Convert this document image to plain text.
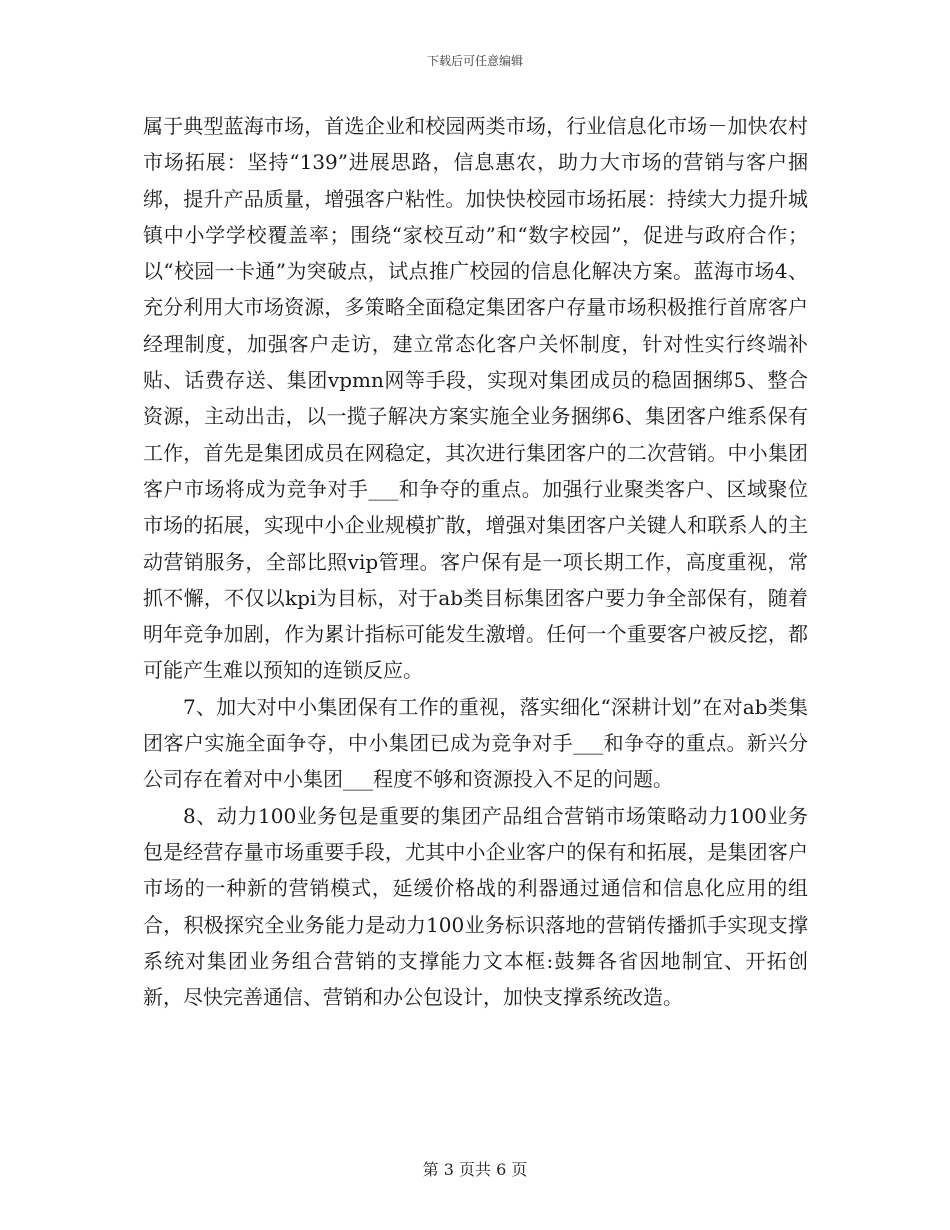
下载后可任意编辑

属于典型蓝海市场，首选企业和校园两类市场，行业信息化市场－加快农村市场拓展：坚持“139”进展思路，信息惠农，助力大市场的营销与客户捆绑，提升产品质量，增强客户粘性。加快快校园市场拓展：持续大力提升城镇中小学学校覆盖率；围绕“家校互动”和“数字校园”，促进与政府合作；以“校园一卡通”为突破点，试点推广校园的信息化解决方案。蓝海市场4、充分利用大市场资源，多策略全面稳定集团客户存量市场积极推行首席客户经理制度，加强客户走访，建立常态化客户关怀制度，针对性实行终端补贴、话费存送、集团vpmn网等手段，实现对集团成员的稳固捆绑5、整合资源，主动出击，以一揽子解决方案实施全业务捆绑6、集团客户维系保有工作，首先是集团成员在网稳定，其次进行集团客户的二次营销。中小集团客户市场将成为竞争对手___和争夺的重点。加强行业聚类客户、区域聚位市场的拓展，实现中小企业规模扩散，增强对集团客户关键人和联系人的主动营销服务，全部比照vip管理。客户保有是一项长期工作，高度重视，常抓不懈，不仅以kpi为目标，对于ab类目标集团客户要力争全部保有，随着明年竞争加剧，作为累计指标可能发生激增。任何一个重要客户被反挖，都可能产生难以预知的连锁反应。

7、加大对中小集团保有工作的重视，落实细化“深耕计划”在对ab类集团客户实施全面争夺，中小集团已成为竞争对手___和争夺的重点。新兴分公司存在着对中小集团___程度不够和资源投入不足的问题。

8、动力100业务包是重要的集团产品组合营销市场策略动力100业务包是经营存量市场重要手段，尤其中小企业客户的保有和拓展，是集团客户市场的一种新的营销模式，延缓价格战的利器通过通信和信息化应用的组合，积极探究全业务能力是动力100业务标识落地的营销传播抓手实现支撑系统对集团业务组合营销的支撑能力文本框:鼓舞各省因地制宜、开拓创新，尽快完善通信、营销和办公包设计，加快支撑系统改造。

第 3 页共 6 页
